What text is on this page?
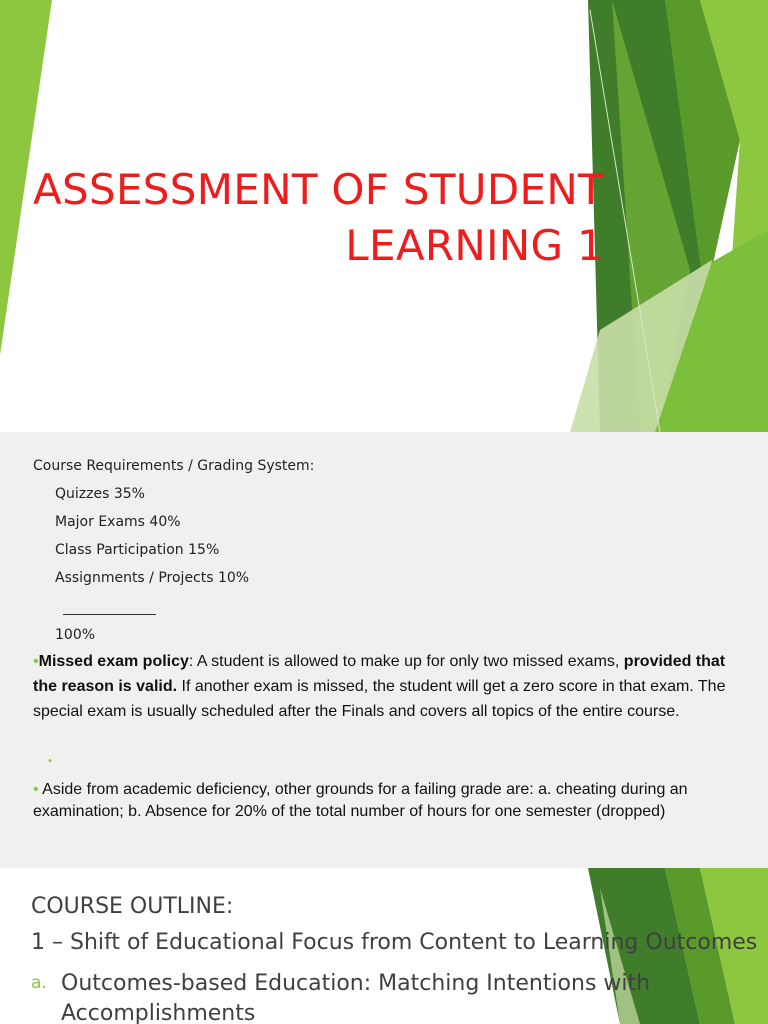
ASSESSMENT OF STUDENT
LEARNING 1
Course Requirements / Grading System:
Quizzes 35%
Major Exams 40%
Class Participation 15%
Assignments / Projects 10%
100%
•Missed exam policy: A student is allowed to make up for only two missed exams, provided that the reason is valid. If another exam is missed, the student will get a zero score in that exam. The special exam is usually scheduled after the Finals and covers all topics of the entire course.
•
• Aside from academic deficiency, other grounds for a failing grade are: a. cheating during an examination; b. Absence for 20% of the total number of hours for one semester (dropped)
COURSE OUTLINE:
1 – Shift of Educational Focus from Content to Learning Outcomes
a. Outcomes-based Education: Matching Intentions with Accomplishments
